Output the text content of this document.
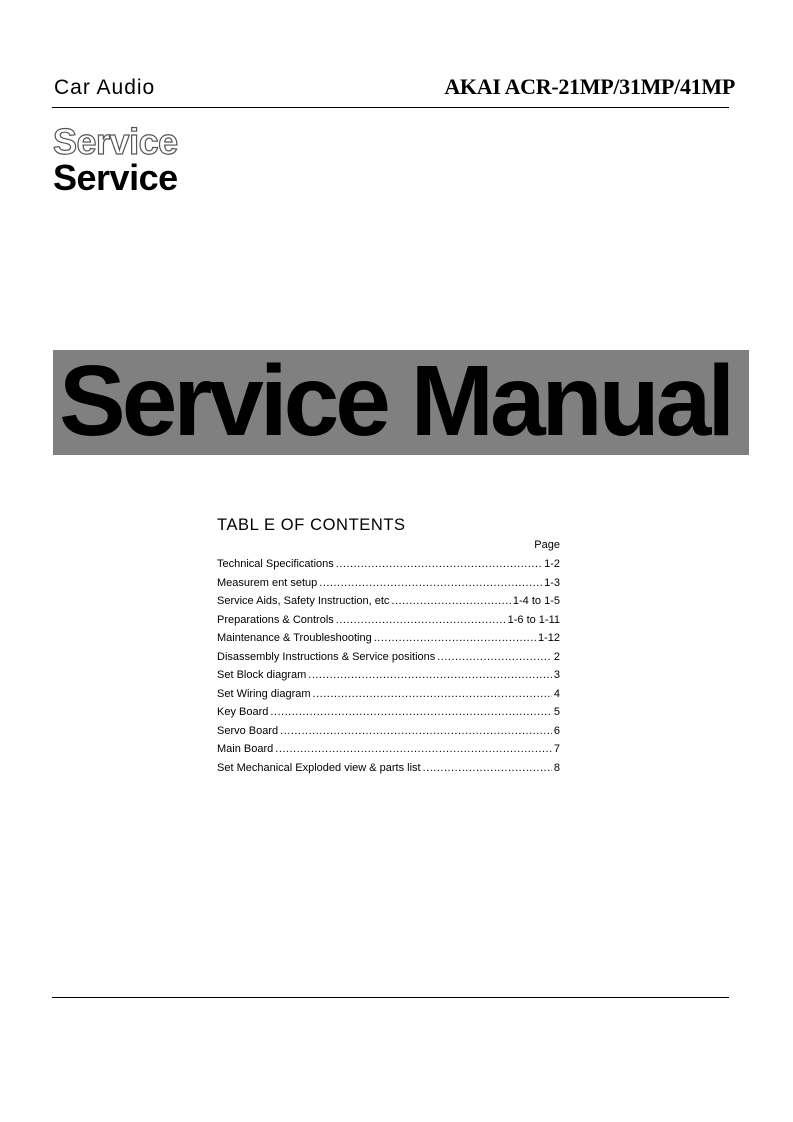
Car Audio	AKAI ACR-21MP/31MP/41MP
Service
Service
Service Manual
TABL E OF CONTENTS
Page
Technical Specifications .....	1-2
Measurem ent setup .....	1-3
Service Aids, Safety Instruction, etc .....	1-4 to 1-5
Preparations & Controls .....	1-6 to 1-11
Maintenance & Troubleshooting .....	1-12
Disassembly Instructions & Service positions .....	2
Set Block diagram .....	3
Set Wiring diagram .....	4
Key Board .....	5
Servo Board .....	6
Main Board .....	7
Set Mechanical Exploded view & parts list .....	8
